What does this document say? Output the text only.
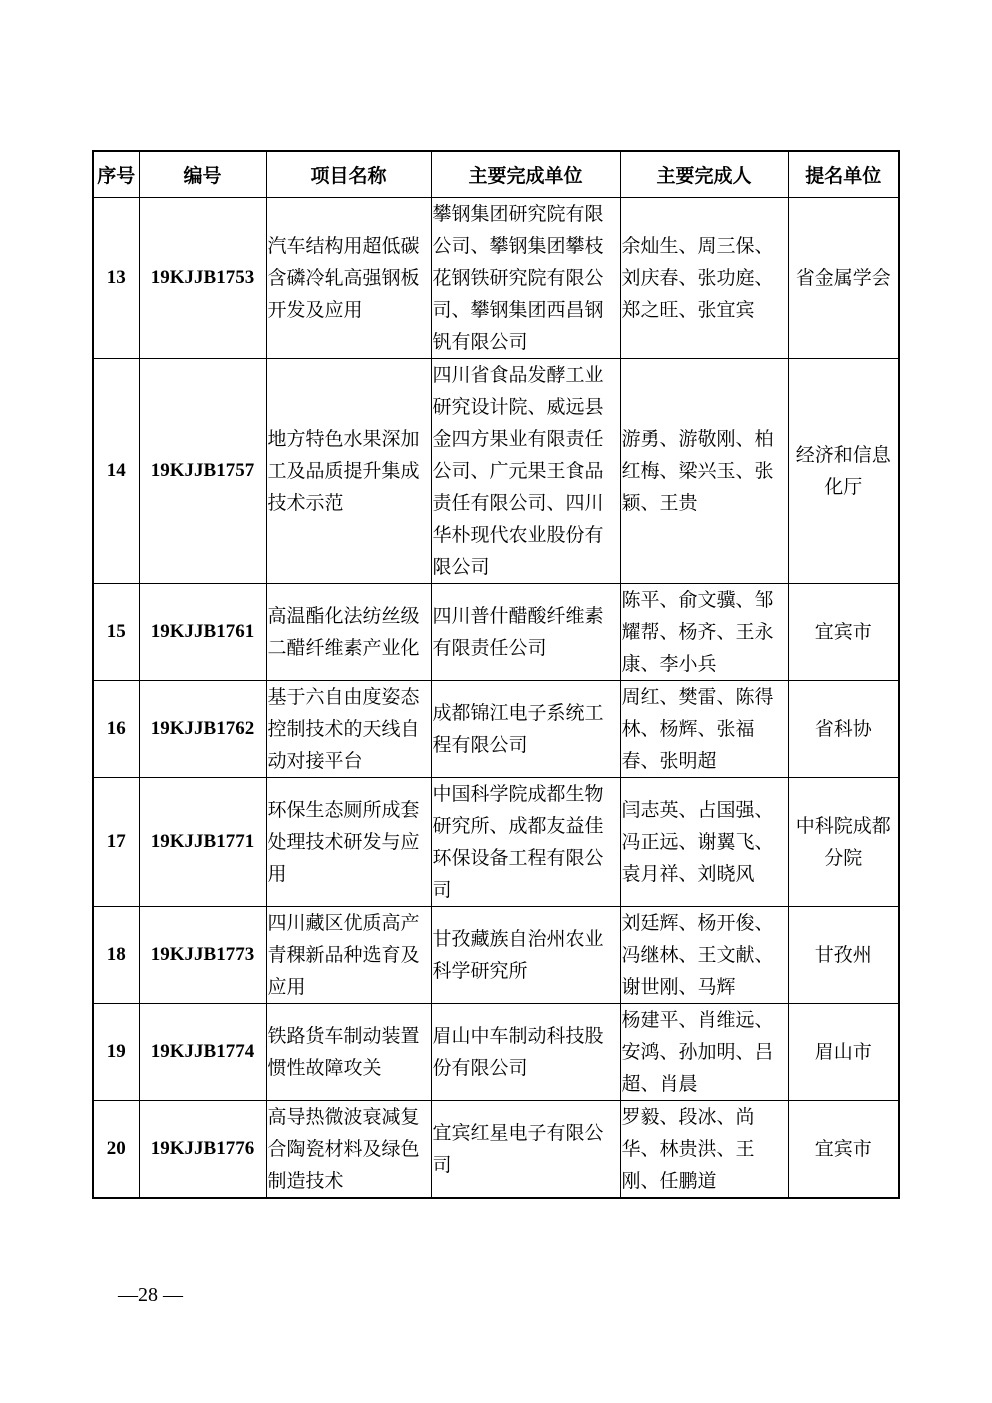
序号	编号	项目名称	主要完成单位	主要完成人	提名单位
13	19KJJB1753	汽车结构用超低碳含磷冷轧高强钢板开发及应用	攀钢集团研究院有限公司、攀钢集团攀枝花钢铁研究院有限公司、攀钢集团西昌钢钒有限公司	余灿生、周三保、刘庆春、张功庭、郑之旺、张宜宾	省金属学会
14	19KJJB1757	地方特色水果深加工及品质提升集成技术示范	四川省食品发酵工业研究设计院、威远县金四方果业有限责任公司、广元果王食品责任有限公司、四川华朴现代农业股份有限公司	游勇、游敬刚、柏红梅、梁兴玉、张颖、王贵	经济和信息化厅
15	19KJJB1761	高温酯化法纺丝级二醋纤维素产业化	四川普什醋酸纤维素有限责任公司	陈平、俞文骥、邹耀帮、杨齐、王永康、李小兵	宜宾市
16	19KJJB1762	基于六自由度姿态控制技术的天线自动对接平台	成都锦江电子系统工程有限公司	周红、樊雷、陈得林、杨辉、张福春、张明超	省科协
17	19KJJB1771	环保生态厕所成套处理技术研发与应用	中国科学院成都生物研究所、成都友益佳环保设备工程有限公司	闫志英、占国强、冯正远、谢翼飞、袁月祥、刘晓风	中科院成都分院
18	19KJJB1773	四川藏区优质高产青稞新品种选育及应用	甘孜藏族自治州农业科学研究所	刘廷辉、杨开俊、冯继林、王文献、谢世刚、马辉	甘孜州
19	19KJJB1774	铁路货车制动装置惯性故障攻关	眉山中车制动科技股份有限公司	杨建平、肖维远、安鸿、孙加明、吕超、肖晨	眉山市
20	19KJJB1776	高导热微波衰减复合陶瓷材料及绿色制造技术	宜宾红星电子有限公司	罗毅、段冰、尚华、林贵洪、王刚、任鹏道	宜宾市
—28 —
